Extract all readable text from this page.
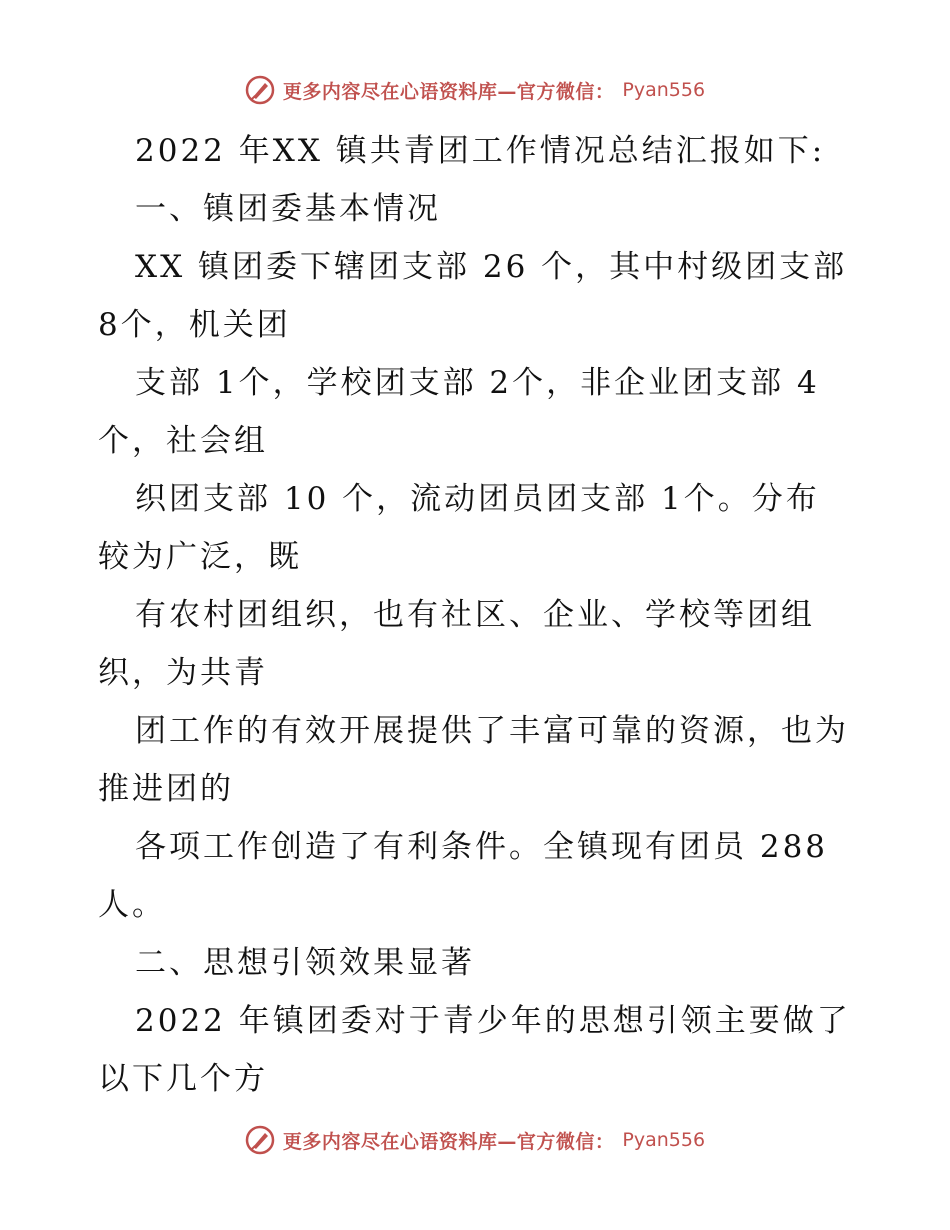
更多内容尽在心语资料库—官方微信： Pyan556
2022 年XX 镇共青团工作情况总结汇报如下:
一、镇团委基本情况
XX 镇团委下辖团支部 26 个，其中村级团支部
8个，机关团
支部 1个，学校团支部 2个，非企业团支部 4
个，社会组
织团支部 10 个，流动团员团支部 1个。分布
较为广泛，既
有农村团组织，也有社区、企业、学校等团组
织，为共青
团工作的有效开展提供了丰富可靠的资源，也为
推进团的
各项工作创造了有利条件。全镇现有团员 288
人。
二、思想引领效果显著
2022 年镇团委对于青少年的思想引领主要做了
以下几个方
更多内容尽在心语资料库—官方微信： Pyan556
